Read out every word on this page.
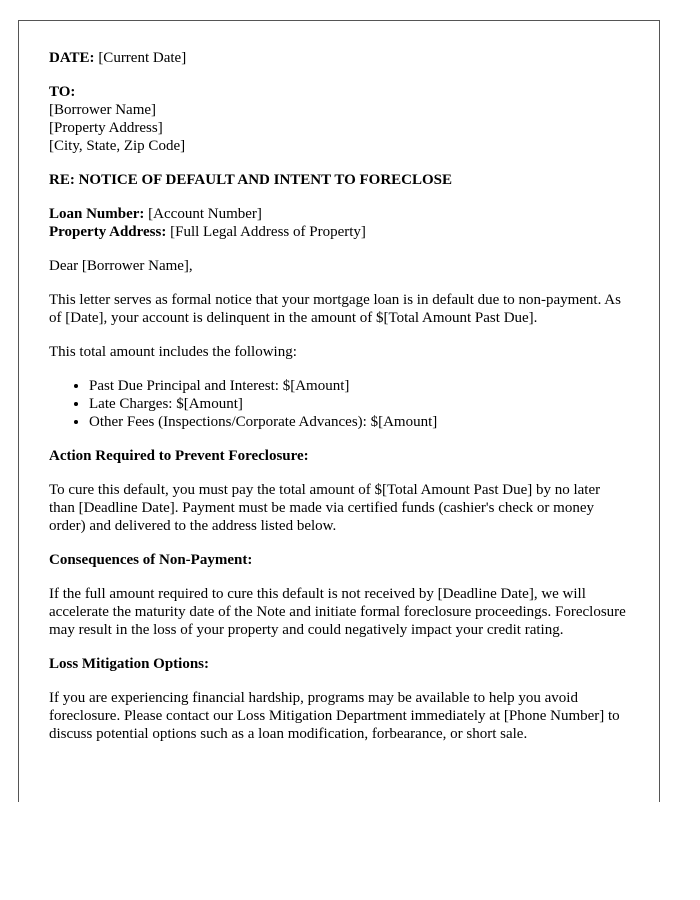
DATE: [Current Date]

TO:
[Borrower Name]
[Property Address]
[City, State, Zip Code]

RE: NOTICE OF DEFAULT AND INTENT TO FORECLOSE

Loan Number: [Account Number]
Property Address: [Full Legal Address of Property]

Dear [Borrower Name],

This letter serves as formal notice that your mortgage loan is in default due to non-payment. As of [Date], your account is delinquent in the amount of $[Total Amount Past Due].

This total amount includes the following:

• Past Due Principal and Interest: $[Amount]
• Late Charges: $[Amount]
• Other Fees (Inspections/Corporate Advances): $[Amount]

Action Required to Prevent Foreclosure:

To cure this default, you must pay the total amount of $[Total Amount Past Due] by no later than [Deadline Date]. Payment must be made via certified funds (cashier's check or money order) and delivered to the address listed below.

Consequences of Non-Payment:

If the full amount required to cure this default is not received by [Deadline Date], we will accelerate the maturity date of the Note and initiate formal foreclosure proceedings. Foreclosure may result in the loss of your property and could negatively impact your credit rating.

Loss Mitigation Options:

If you are experiencing financial hardship, programs may be available to help you avoid foreclosure. Please contact our Loss Mitigation Department immediately at [Phone Number] to discuss potential options such as a loan modification, forbearance, or short sale.
